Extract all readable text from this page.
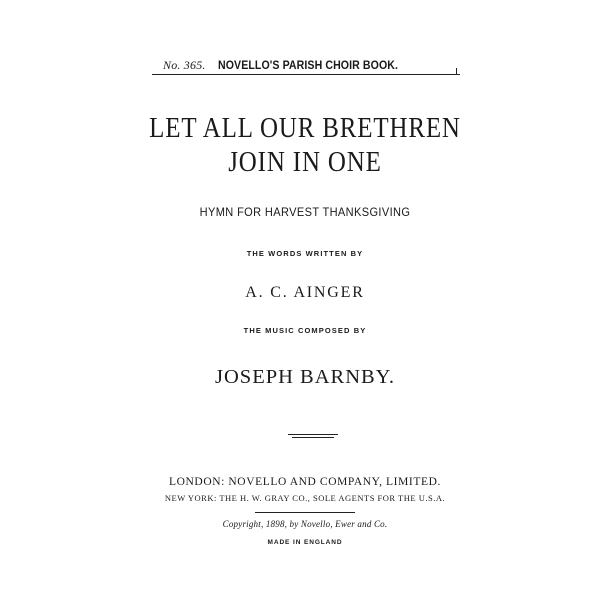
No. 365. NOVELLO'S PARISH CHOIR BOOK.
LET ALL OUR BRETHREN
JOIN IN ONE
HYMN FOR HARVEST THANKSGIVING
THE WORDS WRITTEN BY
A. C. AINGER
THE MUSIC COMPOSED BY
JOSEPH BARNBY.
LONDON: NOVELLO AND COMPANY, LIMITED.
NEW YORK: THE H. W. GRAY CO., SOLE AGENTS FOR THE U.S.A.
Copyright, 1898, by Novello, Ewer and Co.
MADE IN ENGLAND
